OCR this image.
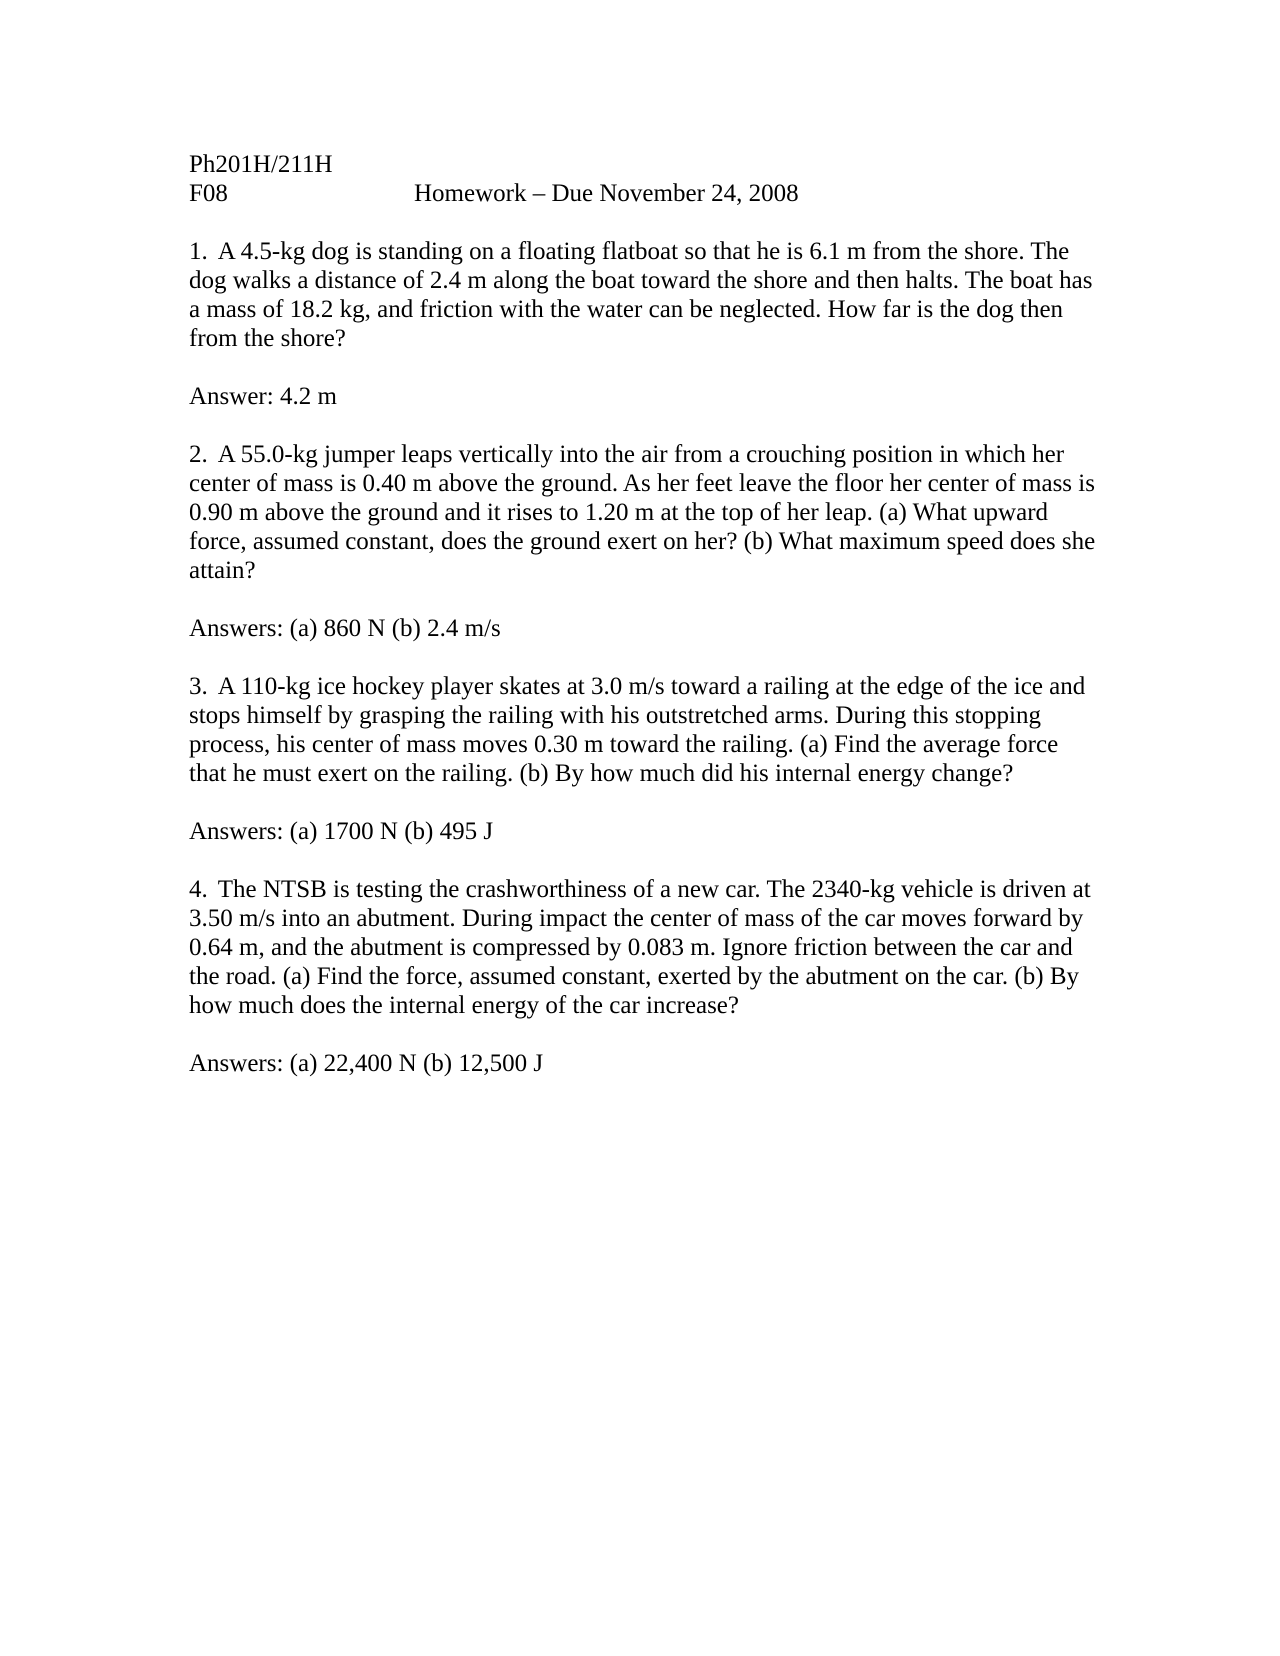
Ph201H/211H
F08	Homework – Due November 24, 2008

1. A 4.5-kg dog is standing on a floating flatboat so that he is 6.1 m from the shore. The dog walks a distance of 2.4 m along the boat toward the shore and then halts. The boat has a mass of 18.2 kg, and friction with the water can be neglected. How far is the dog then from the shore?

Answer: 4.2 m

2. A 55.0-kg jumper leaps vertically into the air from a crouching position in which her center of mass is 0.40 m above the ground. As her feet leave the floor her center of mass is 0.90 m above the ground and it rises to 1.20 m at the top of her leap. (a) What upward force, assumed constant, does the ground exert on her? (b) What maximum speed does she attain?

Answers: (a) 860 N (b) 2.4 m/s

3. A 110-kg ice hockey player skates at 3.0 m/s toward a railing at the edge of the ice and stops himself by grasping the railing with his outstretched arms. During this stopping process, his center of mass moves 0.30 m toward the railing. (a) Find the average force that he must exert on the railing. (b) By how much did his internal energy change?

Answers: (a) 1700 N (b) 495 J

4. The NTSB is testing the crashworthiness of a new car. The 2340-kg vehicle is driven at 3.50 m/s into an abutment. During impact the center of mass of the car moves forward by 0.64 m, and the abutment is compressed by 0.083 m. Ignore friction between the car and the road. (a) Find the force, assumed constant, exerted by the abutment on the car. (b) By how much does the internal energy of the car increase?

Answers: (a) 22,400 N (b) 12,500 J
